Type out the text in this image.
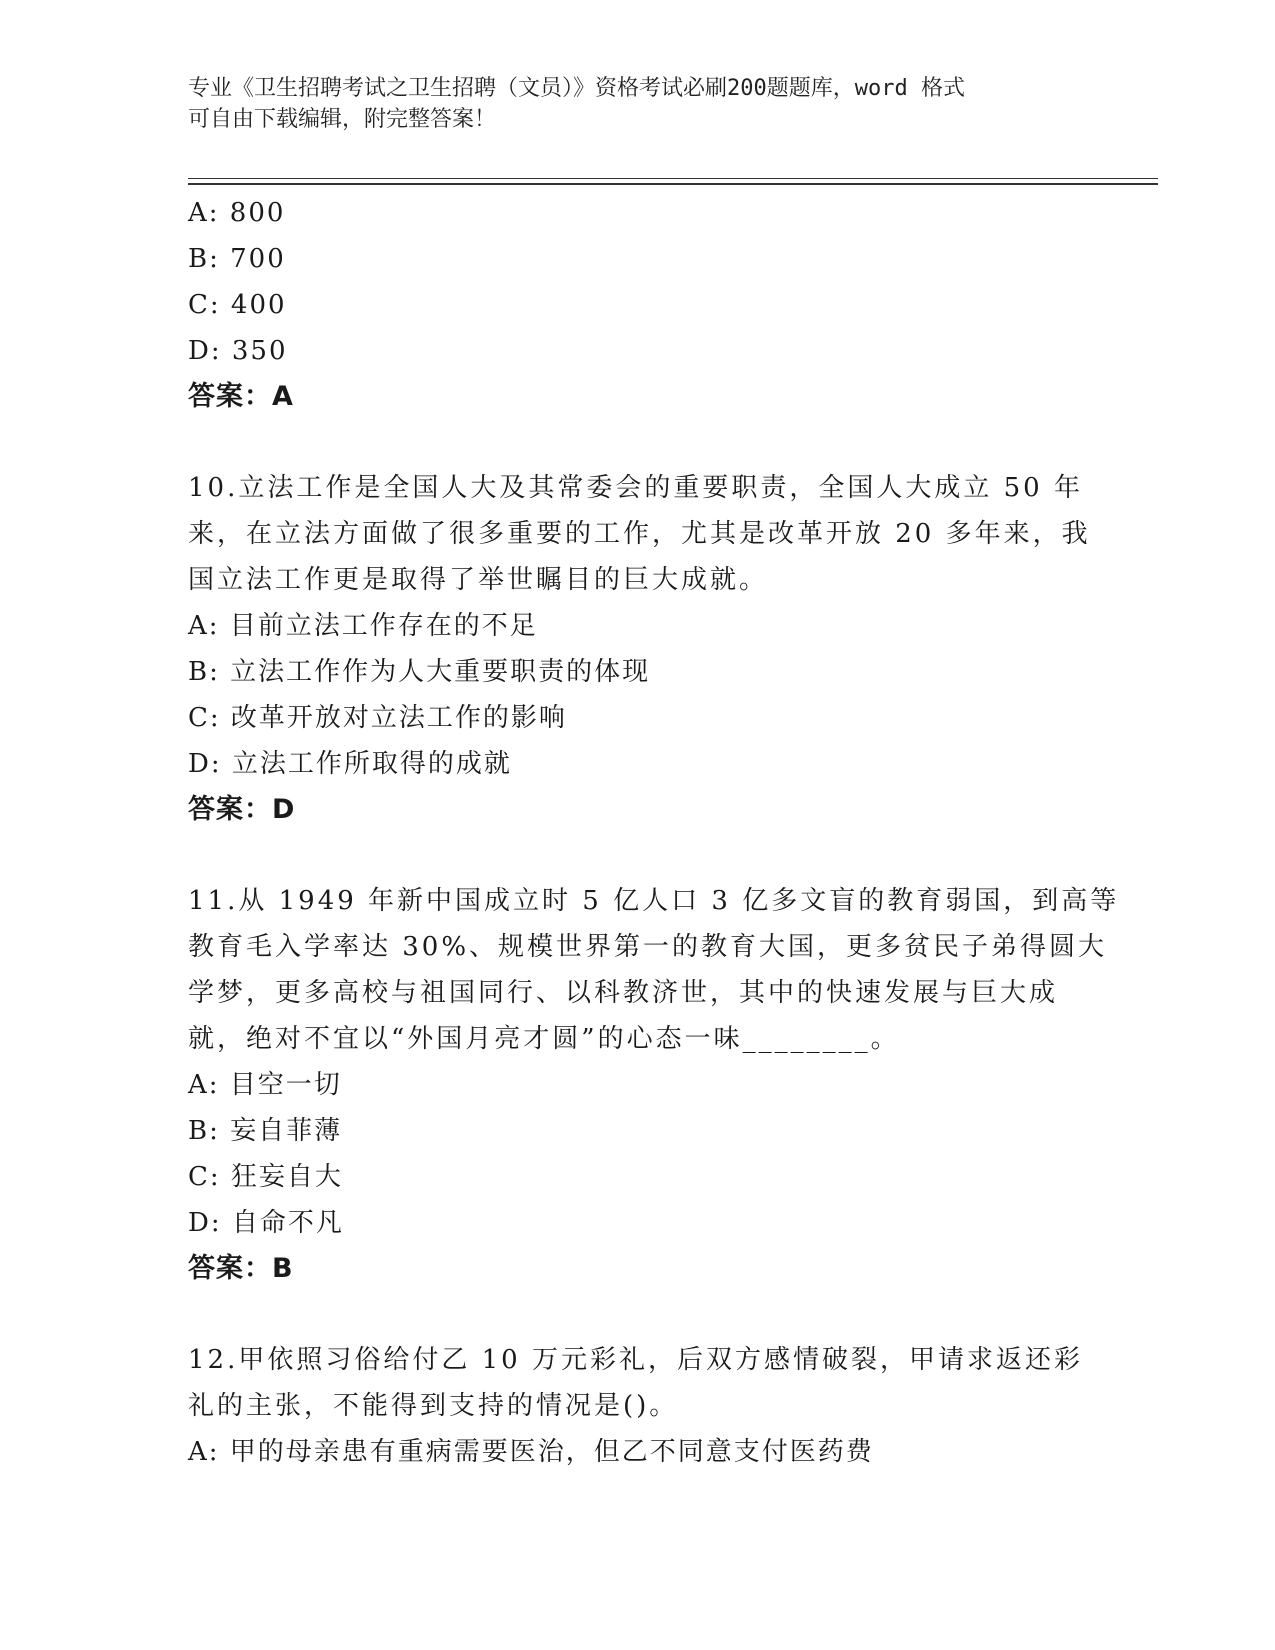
专业《卫生招聘考试之卫生招聘（文员）》资格考试必刷200题题库，word 格式

可自由下载编辑，附完整答案！

A: 800

B: 700

C: 400

D: 350

答案：A

10.立法工作是全国人大及其常委会的重要职责，全国人大成立 50 年

来，在立法方面做了很多重要的工作，尤其是改革开放 20 多年来，我

国立法工作更是取得了举世瞩目的巨大成就。

A: 目前立法工作存在的不足

B: 立法工作作为人大重要职责的体现

C: 改革开放对立法工作的影响

D: 立法工作所取得的成就

答案：D

11.从 1949 年新中国成立时 5 亿人口 3 亿多文盲的教育弱国，到高等

教育毛入学率达 30%、规模世界第一的教育大国，更多贫民子弟得圆大

学梦，更多高校与祖国同行、以科教济世，其中的快速发展与巨大成

就，绝对不宜以“外国月亮才圆”的心态一味________。

A: 目空一切

B: 妄自菲薄

C: 狂妄自大

D: 自命不凡

答案：B

12.甲依照习俗给付乙 10 万元彩礼，后双方感情破裂，甲请求返还彩

礼的主张，不能得到支持的情况是()。

A: 甲的母亲患有重病需要医治，但乙不同意支付医药费
